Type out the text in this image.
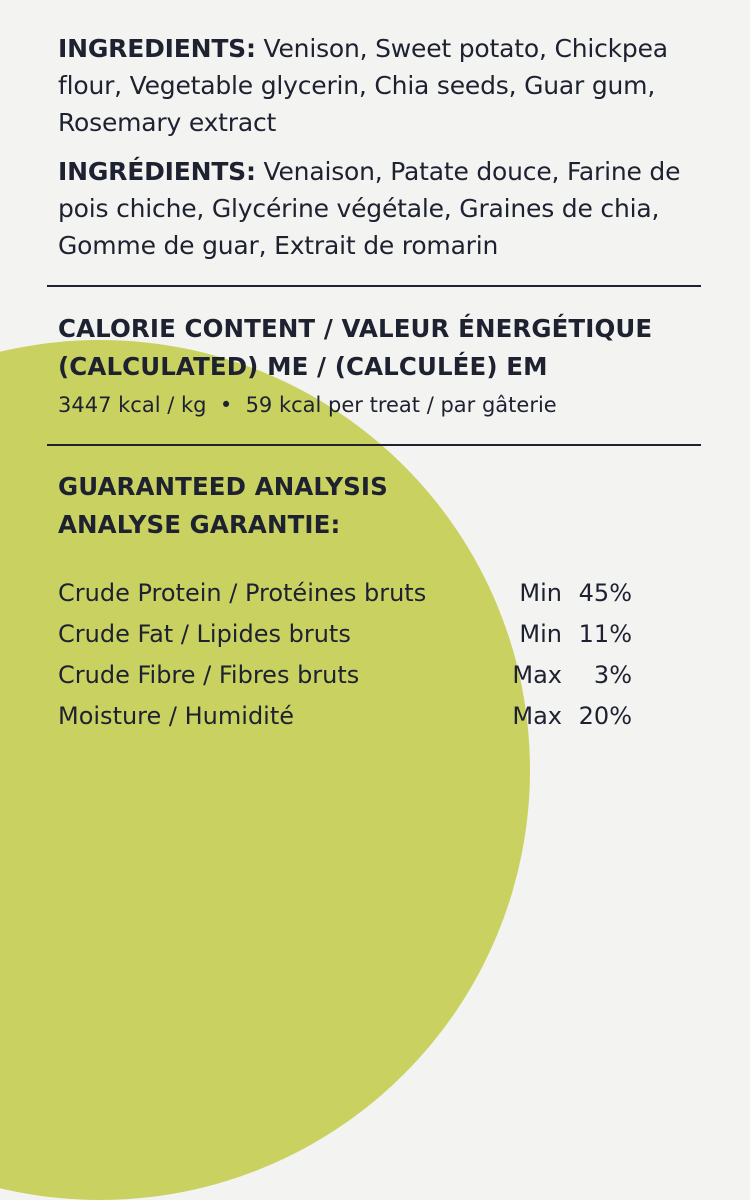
INGREDIENTS: Venison, Sweet potato, Chickpea flour, Vegetable glycerin, Chia seeds, Guar gum, Rosemary extract

INGRÉDIENTS: Venaison, Patate douce, Farine de pois chiche, Glycérine végétale, Graines de chia, Gomme de guar, Extrait de romarin

CALORIE CONTENT / VALEUR ÉNERGÉTIQUE

(CALCULATED) ME / (CALCULÉE) EM

3447 kcal / kg • 59 kcal per treat / par gâterie

GUARANTEED ANALYSIS

ANALYSE GARANTIE:

Crude Protein / Protéines bruts	Min	45%
Crude Fat / Lipides bruts	Min	11%
Crude Fibre / Fibres bruts	Max	3%
Moisture / Humidité	Max	20%
